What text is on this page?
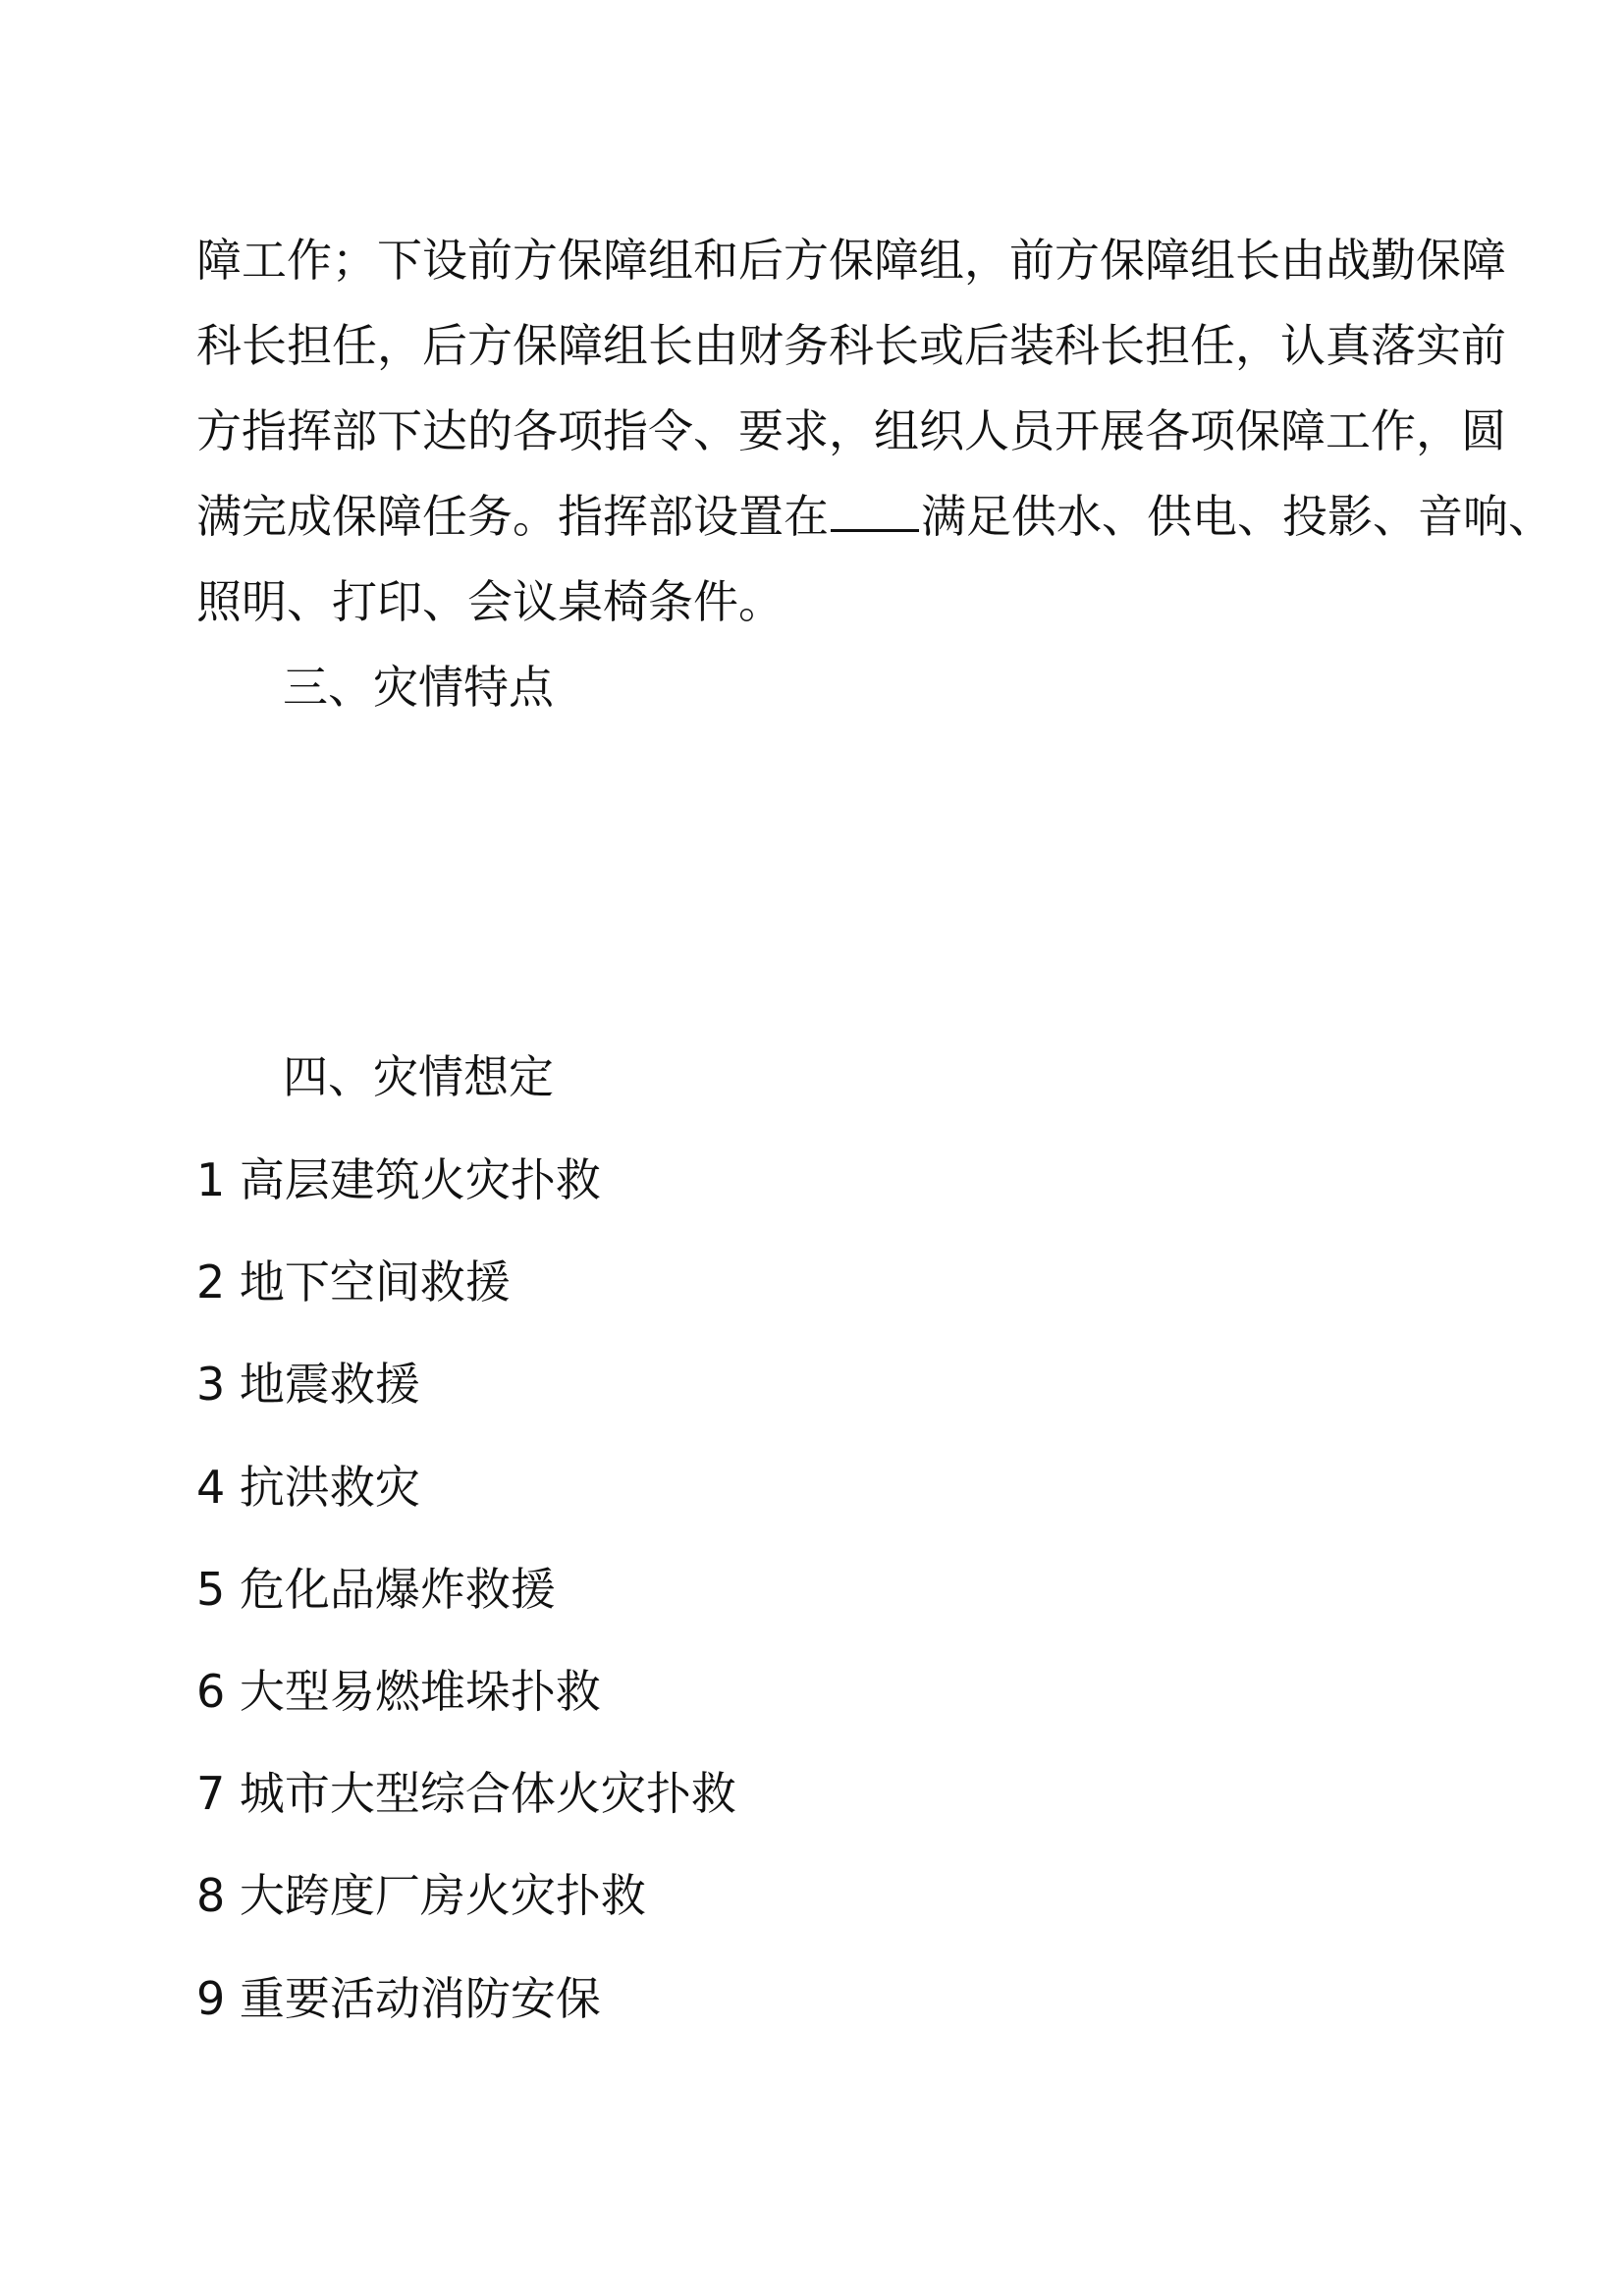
障工作；下设前方保障组和后方保障组，前方保障组长由战勤保障
科长担任，后方保障组长由财务科长或后装科长担任，认真落实前
方指挥部下达的各项指令、要求，组织人员开展各项保障工作，圆
满完成保障任务。指挥部设置在 满足供水、供电、投影、音响、
照明、打印、会议桌椅条件。
三、灾情特点
四、灾情想定
1 高层建筑火灾扑救
2 地下空间救援
3 地震救援
4 抗洪救灾
5 危化品爆炸救援
6 大型易燃堆垛扑救
7 城市大型综合体火灾扑救
8 大跨度厂房火灾扑救
9 重要活动消防安保
